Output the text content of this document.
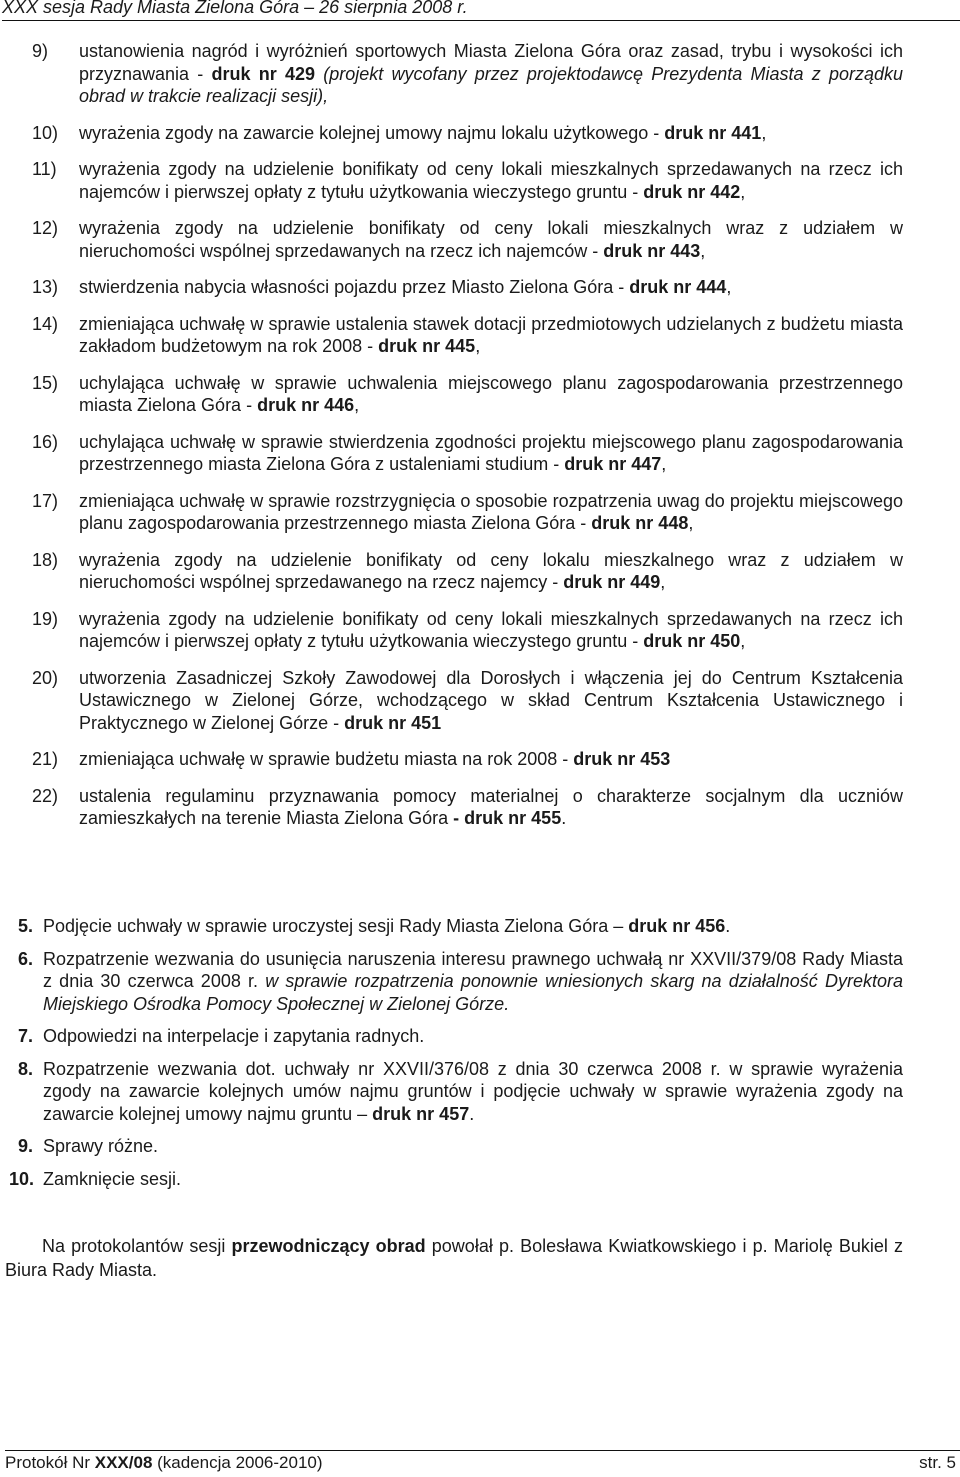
XXX sesja Rady Miasta Zielona Góra – 26 sierpnia 2008 r.
9) ustanowienia nagród i wyróżnień sportowych Miasta Zielona Góra oraz zasad, trybu i wysokości ich przyznawania - druk nr 429 (projekt wycofany przez projektodawcę Prezydenta Miasta z porządku obrad w trakcie realizacji sesji),
10) wyrażenia zgody na zawarcie kolejnej umowy najmu lokalu użytkowego - druk nr 441,
11) wyrażenia zgody na udzielenie bonifikaty od ceny lokali mieszkalnych sprzedawanych na rzecz ich najemców i pierwszej opłaty z tytułu użytkowania wieczystego gruntu - druk nr 442,
12) wyrażenia zgody na udzielenie bonifikaty od ceny lokali mieszkalnych wraz z udziałem w nieruchomości wspólnej sprzedawanych na rzecz ich najemców - druk nr 443,
13) stwierdzenia nabycia własności pojazdu przez Miasto Zielona Góra - druk nr 444,
14) zmieniająca uchwałę w sprawie ustalenia stawek dotacji przedmiotowych udzielanych z budżetu miasta zakładom budżetowym na rok 2008 - druk nr 445,
15) uchylająca uchwałę w sprawie uchwalenia miejscowego planu zagospodarowania przestrzennego miasta Zielona Góra - druk nr 446,
16) uchylająca uchwałę w sprawie stwierdzenia zgodności projektu miejscowego planu zagospodarowania przestrzennego miasta Zielona Góra z ustaleniami studium - druk nr 447,
17) zmieniająca uchwałę w sprawie rozstrzygnięcia o sposobie rozpatrzenia uwag do projektu miejscowego planu zagospodarowania przestrzennego miasta Zielona Góra - druk nr 448,
18) wyrażenia zgody na udzielenie bonifikaty od ceny lokalu mieszkalnego wraz z udziałem w nieruchomości wspólnej sprzedawanego na rzecz najemcy - druk nr 449,
19) wyrażenia zgody na udzielenie bonifikaty od ceny lokali mieszkalnych sprzedawanych na rzecz ich najemców i pierwszej opłaty z tytułu użytkowania wieczystego gruntu - druk nr 450,
20) utworzenia Zasadniczej Szkoły Zawodowej dla Dorosłych i włączenia jej do Centrum Kształcenia Ustawicznego w Zielonej Górze, wchodzącego w skład Centrum Kształcenia Ustawicznego i Praktycznego w Zielonej Górze - druk nr 451
21) zmieniająca uchwałę w sprawie budżetu miasta na rok 2008 - druk nr 453
22) ustalenia regulaminu przyznawania pomocy materialnej o charakterze socjalnym dla uczniów zamieszkałych na terenie Miasta Zielona Góra - druk nr 455.
5. Podjęcie uchwały w sprawie uroczystej sesji Rady Miasta Zielona Góra – druk nr 456.
6. Rozpatrzenie wezwania do usunięcia naruszenia interesu prawnego uchwałą nr XXVII/379/08 Rady Miasta z dnia 30 czerwca 2008 r. w sprawie rozpatrzenia ponownie wniesionych skarg na działalność Dyrektora Miejskiego Ośrodka Pomocy Społecznej w Zielonej Górze.
7. Odpowiedzi na interpelacje i zapytania radnych.
8. Rozpatrzenie wezwania dot. uchwały nr XXVII/376/08 z dnia 30 czerwca 2008 r. w sprawie wyrażenia zgody na zawarcie kolejnych umów najmu gruntów i podjęcie uchwały w sprawie wyrażenia zgody na zawarcie kolejnej umowy najmu gruntu – druk nr 457.
9. Sprawy różne.
10. Zamknięcie sesji.
Na protokolantów sesji przewodniczący obrad powołał p. Bolesława Kwiatkowskiego i p. Mariolę Bukiel z Biura Rady Miasta.
Protokół Nr XXX/08 (kadencja 2006-2010)	str. 5
